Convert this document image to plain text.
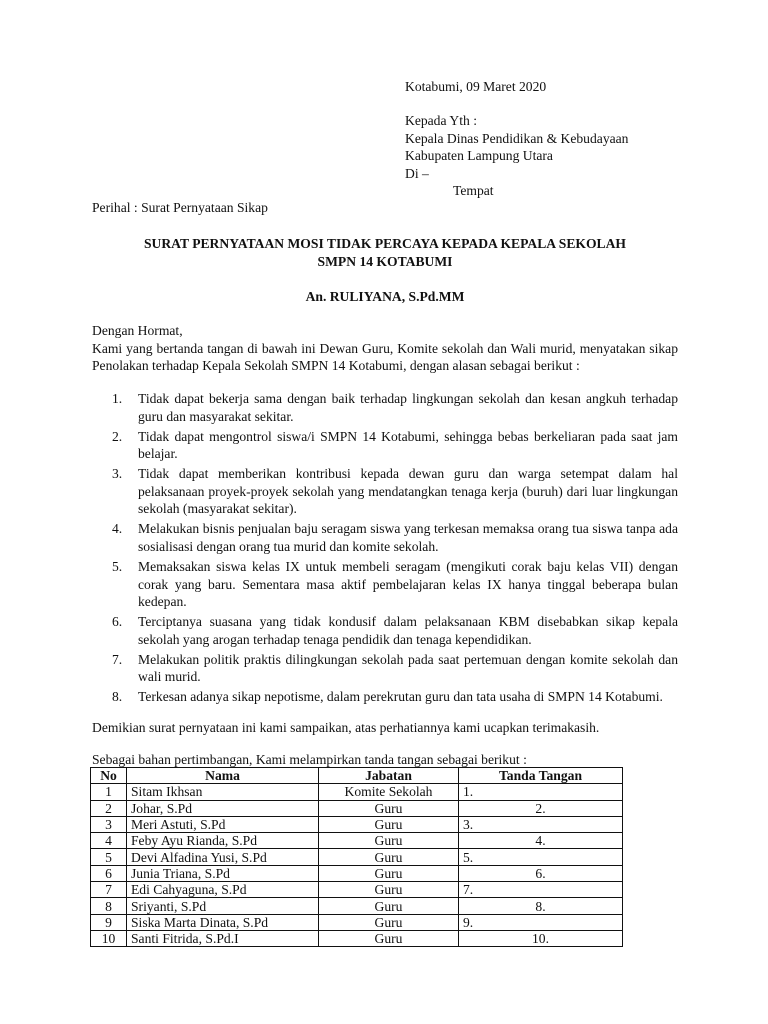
Kotabumi, 09 Maret 2020
Kepada Yth :
Kepala Dinas Pendidikan & Kebudayaan
Kabupaten Lampung Utara
Di –
Tempat
Perihal : Surat Pernyataan Sikap
SURAT PERNYATAAN MOSI TIDAK PERCAYA KEPADA KEPALA SEKOLAH
SMPN 14 KOTABUMI
An. RULIYANA, S.Pd.MM

Dengan Hormat,

Kami yang bertanda tangan di bawah ini Dewan Guru, Komite sekolah dan Wali murid, menyatakan sikap Penolakan terhadap Kepala Sekolah SMPN 14 Kotabumi, dengan alasan sebagai berikut :

1. Tidak dapat bekerja sama dengan baik terhadap lingkungan sekolah dan kesan angkuh terhadap guru dan masyarakat sekitar.
2. Tidak dapat mengontrol siswa/i SMPN 14 Kotabumi, sehingga bebas berkeliaran pada saat jam belajar.
3. Tidak dapat memberikan kontribusi kepada dewan guru dan warga setempat dalam hal pelaksanaan proyek-proyek sekolah yang mendatangkan tenaga kerja (buruh) dari luar lingkungan sekolah (masyarakat sekitar).
4. Melakukan bisnis penjualan baju seragam siswa yang terkesan memaksa orang tua siswa tanpa ada sosialisasi dengan orang tua murid dan komite sekolah.
5. Memaksakan siswa kelas IX untuk membeli seragam (mengikuti corak baju kelas VII) dengan corak yang baru. Sementara masa aktif pembelajaran kelas IX hanya tinggal beberapa bulan kedepan.
6. Terciptanya suasana yang tidak kondusif dalam pelaksanaan KBM disebabkan sikap kepala sekolah yang arogan terhadap tenaga pendidik dan tenaga kependidikan.
7. Melakukan politik praktis dilingkungan sekolah pada saat pertemuan dengan komite sekolah dan wali murid.
8. Terkesan adanya sikap nepotisme, dalam perekrutan guru dan tata usaha di SMPN 14 Kotabumi.
Demikian surat pernyataan ini kami sampaikan, atas perhatiannya kami ucapkan terimakasih.
Sebagai bahan pertimbangan, Kami melampirkan tanda tangan sebagai berikut :
No	Nama	Jabatan	Tanda Tangan
1	Sitam Ikhsan	Komite Sekolah	1.
2	Johar, S.Pd	Guru	2.
3	Meri Astuti, S.Pd	Guru	3.
4	Feby Ayu Rianda, S.Pd	Guru	4.
5	Devi Alfadina Yusi, S.Pd	Guru	5.
6	Junia Triana, S.Pd	Guru	6.
7	Edi Cahyaguna, S.Pd	Guru	7.
8	Sriyanti, S.Pd	Guru	8.
9	Siska Marta Dinata, S.Pd	Guru	9.
10	Santi Fitrida, S.Pd.I	Guru	10.
